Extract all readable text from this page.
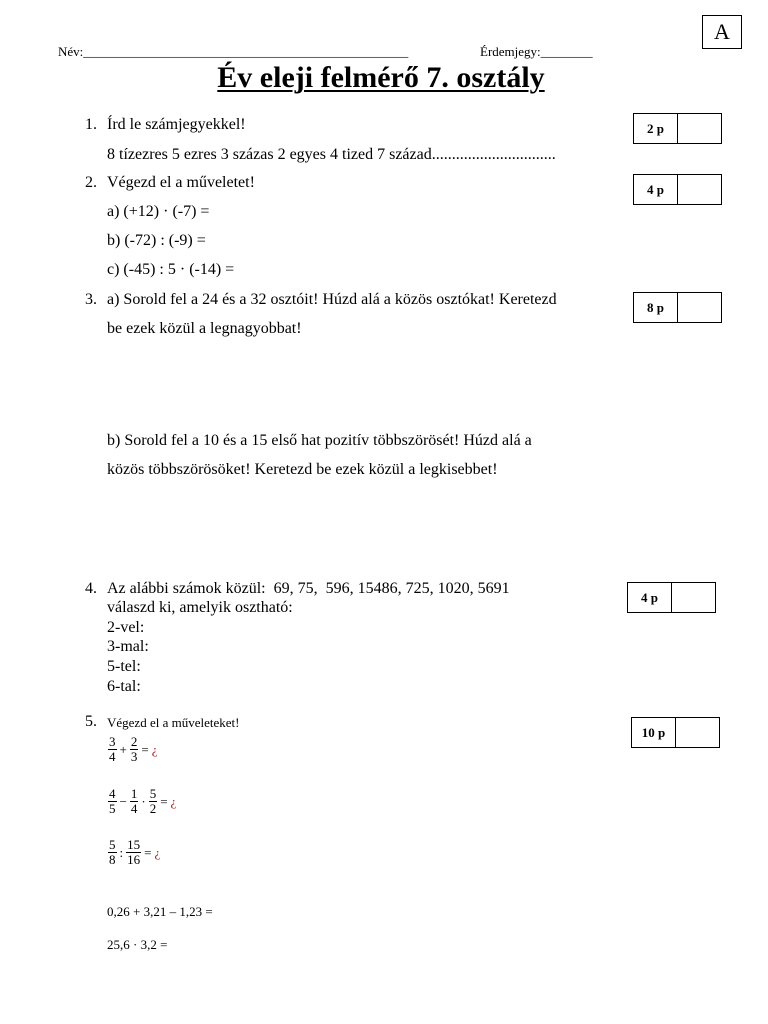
A
Név:__________________________________________________	Érdemjegy:________
Év eleji felmérő 7. osztály
1. Írd le számjegyekkel!
8 tízezres 5 ezres 3 százas 2 egyes 4 tized 7 század...............................
2 p
2. Végezd el a műveletet!
a) (+12) · (-7) =
b) (-72) : (-9) =
c) (-45) : 5 · (-14) =
4 p
3. a) Sorold fel a 24 és a 32 osztóit! Húzd alá a közös osztókat! Keretezd
be ezek közül a legnagyobbat!
b) Sorold fel a 10 és a 15 első hat pozitív többszörösét! Húzd alá a
közös többszörösöket! Keretezd be ezek közül a legkisebbet!
8 p
4. Az alábbi számok közül:  69, 75,  596, 15486, 725, 1020, 5691
válaszd ki, amelyik osztható:
2-vel:
3-mal:
5-tel:
6-tal:
4 p
5. Végezd el a műveleteket!
$\frac{3}{4} + \frac{2}{3}$ = ¿
$\frac{4}{5} - \frac{1}{4} \cdot \frac{5}{2}$ = ¿
$\frac{5}{8}$ : $\frac{15}{16}$ = ¿
0,26 + 3,21 – 1,23 =
25,6 · 3,2 =
10 p
